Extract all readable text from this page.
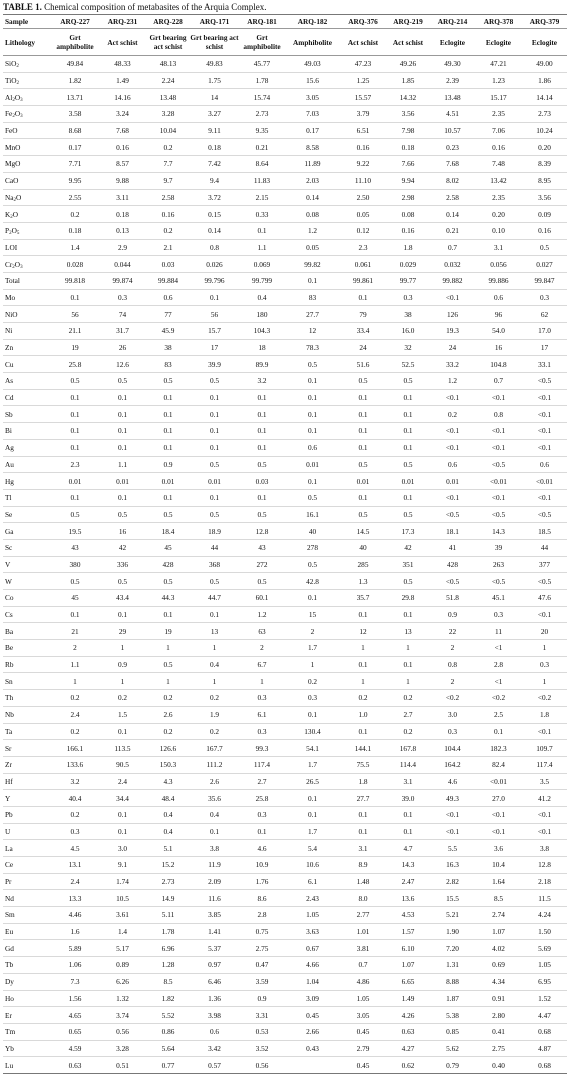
TABLE 1. Chemical composition of metabasites of the Arquia Complex.
Sample	ARQ-227	ARQ-231	ARQ-228	ARQ-171	ARQ-181	ARQ-182	ARQ-376	ARQ-219	ARQ-214	ARQ-378	ARQ-379
Lithology	Grt amphibolite	Act schist	Grt bearing act schist	Grt bearing act schist	Grt amphibolite	Amphibolite	Act schist	Act schist	Eclogite	Eclogite	Eclogite
SiO$_2$	49.84	48.33	48.13	49.83	45.77	49.03	47.23	49.26	49.30	47.21	49.00
TiO$_2$	1.82	1.49	2.24	1.75	1.78	15.6	1.25	1.85	2.39	1.23	1.86
$Al_2O_3$	13.71	14.16	13.48	14	15.74	3.05	15.57	14.32	13.48	15.17	14.14
$Fe_2O_3$	3.58	3.24	3.28	3.27	2.73	7.03	3.79	3.56	4.51	2.35	2.73
FeO	8.68	7.68	10.04	9.11	9.35	0.17	6.51	7.98	10.57	7.06	10.24
MnO	0.17	0.16	0.2	0.18	0.21	8.58	0.16	0.18	0.23	0.16	0.20
MgO	7.71	8.57	7.7	7.42	8.64	11.89	9.22	7.66	7.68	7.48	8.39
CaO	9.95	9.88	9.7	9.4	11.83	2.03	11.10	9.94	8.02	13.42	8.95
$Na_2O$	2.55	3.11	2.58	3.72	2.15	0.14	2.50	2.98	2.58	2.35	3.56
$K_2O$	0.2	0.18	0.16	0.15	0.33	0.08	0.05	0.08	0.14	0.20	0.09
$P_2O_5$	0.18	0.13	0.2	0.14	0.1	1.2	0.12	0.16	0.21	0.10	0.16
LOI	1.4	2.9	2.1	0.8	1.1	0.05	2.3	1.8	0.7	3.1	0.5
$Cr_2O_3$	0.028	0.044	0.03	0.026	0.069	99.82	0.061	0.029	0.032	0.056	0.027
Total	99.818	99.874	99.884	99.796	99.799	0.1	99.861	99.77	99.882	99.886	99.847
Mo	0.1	0.3	0.6	0.1	0.4	83	0.1	0.3	<0.1	0.6	0.3
NiO	56	74	77	56	180	27.7	79	38	126	96	62
Ni	21.1	31.7	45.9	15.7	104.3	12	33.4	16.0	19.3	54.0	17.0
Zn	19	26	38	17	18	78.3	24	32	24	16	17
Cu	25.8	12.6	83	39.9	89.9	0.5	51.6	52.5	33.2	104.8	33.1
As	0.5	0.5	0.5	0.5	3.2	0.1	0.5	0.5	1.2	0.7	<0.5
Cd	0.1	0.1	0.1	0.1	0.1	0.1	0.1	0.1	<0.1	<0.1	<0.1
Sb	0.1	0.1	0.1	0.1	0.1	0.1	0.1	0.1	0.2	0.8	<0.1
Bi	0.1	0.1	0.1	0.1	0.1	0.1	0.1	0.1	<0.1	<0.1	<0.1
Ag	0.1	0.1	0.1	0.1	0.1	0.6	0.1	0.1	<0.1	<0.1	<0.1
Au	2.3	1.1	0.9	0.5	0.5	0.01	0.5	0.5	0.6	<0.5	0.6
Hg	0.01	0.01	0.01	0.01	0.03	0.1	0.01	0.01	0.01	<0.01	<0.01
Tl	0.1	0.1	0.1	0.1	0.1	0.5	0.1	0.1	<0.1	<0.1	<0.1
Se	0.5	0.5	0.5	0.5	0.5	16.1	0.5	0.5	<0.5	<0.5	<0.5
Ga	19.5	16	18.4	18.9	12.8	40	14.5	17.3	18.1	14.3	18.5
Sc	43	42	45	44	43	278	40	42	41	39	44
V	380	336	428	368	272	0.5	285	351	428	263	377
W	0.5	0.5	0.5	0.5	0.5	42.8	1.3	0.5	<0.5	<0.5	<0.5
Co	45	43.4	44.3	44.7	60.1	0.1	35.7	29.8	51.8	45.1	47.6
Cs	0.1	0.1	0.1	0.1	1.2	15	0.1	0.1	0.9	0.3	<0.1
Ba	21	29	19	13	63	2	12	13	22	11	20
Be	2	1	1	1	2	1.7	1	1	2	<1	1
Rb	1.1	0.9	0.5	0.4	6.7	1	0.1	0.1	0.8	2.8	0.3
Sn	1	1	1	1	1	0.2	1	1	2	<1	1
Th	0.2	0.2	0.2	0.2	0.3	0.3	0.2	0.2	<0.2	<0.2	<0.2
Nb	2.4	1.5	2.6	1.9	6.1	0.1	1.0	2.7	3.0	2.5	1.8
Ta	0.2	0.1	0.2	0.2	0.3	130.4	0.1	0.2	0.3	0.1	<0.1
Sr	166.1	113.5	126.6	167.7	99.3	54.1	144.1	167.8	104.4	182.3	109.7
Zr	133.6	90.5	150.3	111.2	117.4	1.7	75.5	114.4	164.2	82.4	117.4
Hf	3.2	2.4	4.3	2.6	2.7	26.5	1.8	3.1	4.6	<0.01	3.5
Y	40.4	34.4	48.4	35.6	25.8	0.1	27.7	39.0	49.3	27.0	41.2
Pb	0.2	0.1	0.4	0.4	0.3	0.1	0.1	0.1	<0.1	<0.1	<0.1
U	0.3	0.1	0.4	0.1	0.1	1.7	0.1	0.1	<0.1	<0.1	<0.1
La	4.5	3.0	5.1	3.8	4.6	5.4	3.1	4.7	5.5	3.6	3.8
Ce	13.1	9.1	15.2	11.9	10.9	10.6	8.9	14.3	16.3	10.4	12.8
Pr	2.4	1.74	2.73	2.09	1.76	6.1	1.48	2.47	2.82	1.64	2.18
Nd	13.3	10.5	14.9	11.6	8.6	2.43	8.0	13.6	15.5	8.5	11.5
Sm	4.46	3.61	5.11	3.85	2.8	1.05	2.77	4.53	5.21	2.74	4.24
Eu	1.6	1.4	1.78	1.41	0.75	3.63	1.01	1.57	1.90	1.07	1.50
Gd	5.89	5.17	6.96	5.37	2.75	0.67	3.81	6.10	7.20	4.02	5.69
Tb	1.06	0.89	1.28	0.97	0.47	4.66	0.7	1.07	1.31	0.69	1.05
Dy	7.3	6.26	8.5	6.46	3.59	1.04	4.86	6.65	8.88	4.34	6.95
Ho	1.56	1.32	1.82	1.36	0.9	3.09	1.05	1.49	1.87	0.91	1.52
Er	4.65	3.74	5.52	3.98	3.31	0.45	3.05	4.26	5.38	2.80	4.47
Tm	0.65	0.56	0.86	0.6	0.53	2.66	0.45	0.63	0.85	0.41	0.68
Yb	4.59	3.28	5.64	3.42	3.52	0.43	2.79	4.27	5.62	2.75	4.87
Lu	0.63	0.51	0.77	0.57	0.56		0.45	0.62	0.79	0.40	0.68
